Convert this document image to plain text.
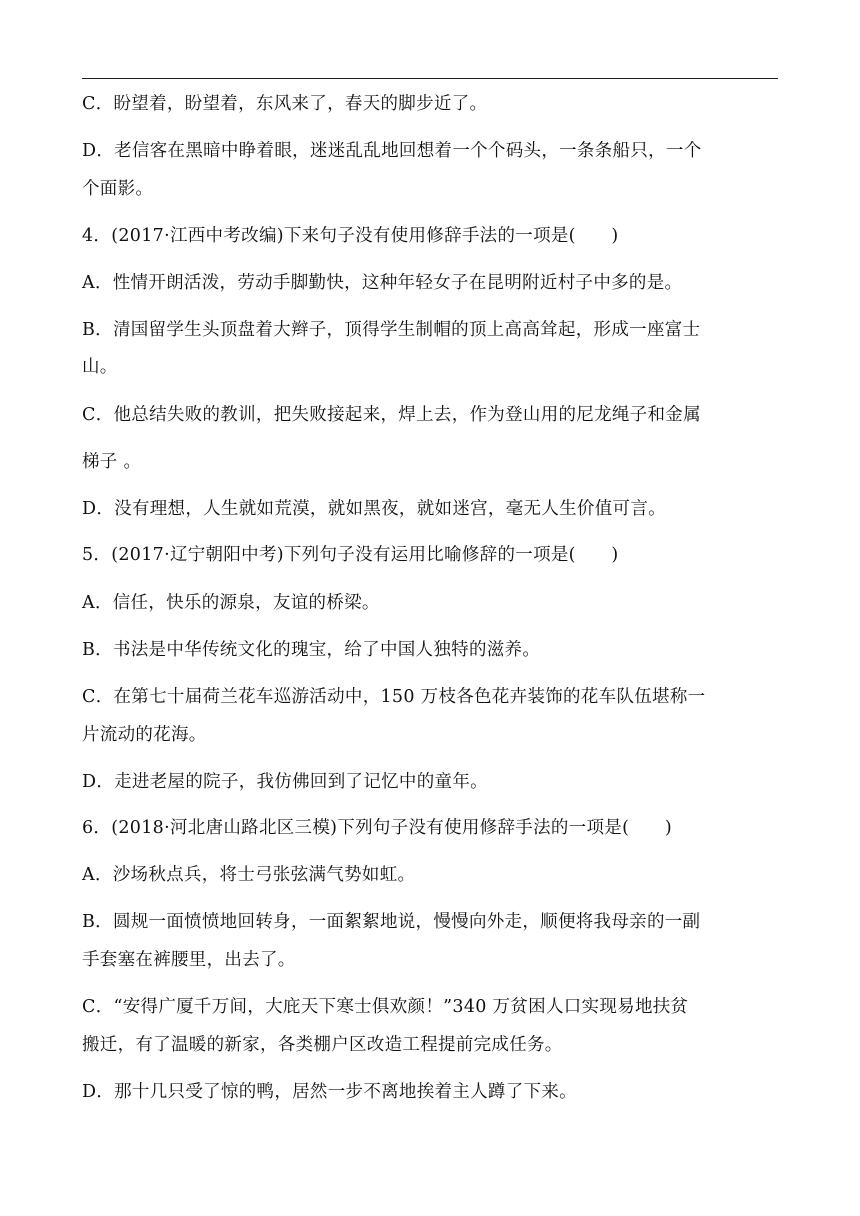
C．盼望着，盼望着，东风来了，春天的脚步近了。
D．老信客在黑暗中睁着眼，迷迷乱乱地回想着一个个码头，一条条船只，一个
个面影。
4．(2017·江西中考改编)下来句子没有使用修辞手法的一项是(　　)
A．性情开朗活泼，劳动手脚勤快，这种年轻女子在昆明附近村子中多的是。
B．清国留学生头顶盘着大辫子，顶得学生制帽的顶上高高耸起，形成一座富士
山。
C．他总结失败的教训，把失败接起来，焊上去，作为登山用的尼龙绳子和金属
梯子 。
D．没有理想，人生就如荒漠，就如黑夜，就如迷宫，毫无人生价值可言。
5．(2017·辽宁朝阳中考)下列句子没有运用比喻修辞的一项是(　　)
A．信任，快乐的源泉，友谊的桥梁。
B．书法是中华传统文化的瑰宝，给了中国人独特的滋养。
C．在第七十届荷兰花车巡游活动中，150 万枝各色花卉装饰的花车队伍堪称一
片流动的花海。
D．走进老屋的院子，我仿佛回到了记忆中的童年。
6．(2018·河北唐山路北区三模)下列句子没有使用修辞手法的一项是(　　)
A．沙场秋点兵，将士弓张弦满气势如虹。
B．圆规一面愤愤地回转身，一面絮絮地说，慢慢向外走，顺便将我母亲的一副
手套塞在裤腰里，出去了。
C．“安得广厦千万间，大庇天下寒士俱欢颜！”340 万贫困人口实现易地扶贫
搬迁，有了温暖的新家，各类棚户区改造工程提前完成任务。
D．那十几只受了惊的鸭，居然一步不离地挨着主人蹲了下来。
